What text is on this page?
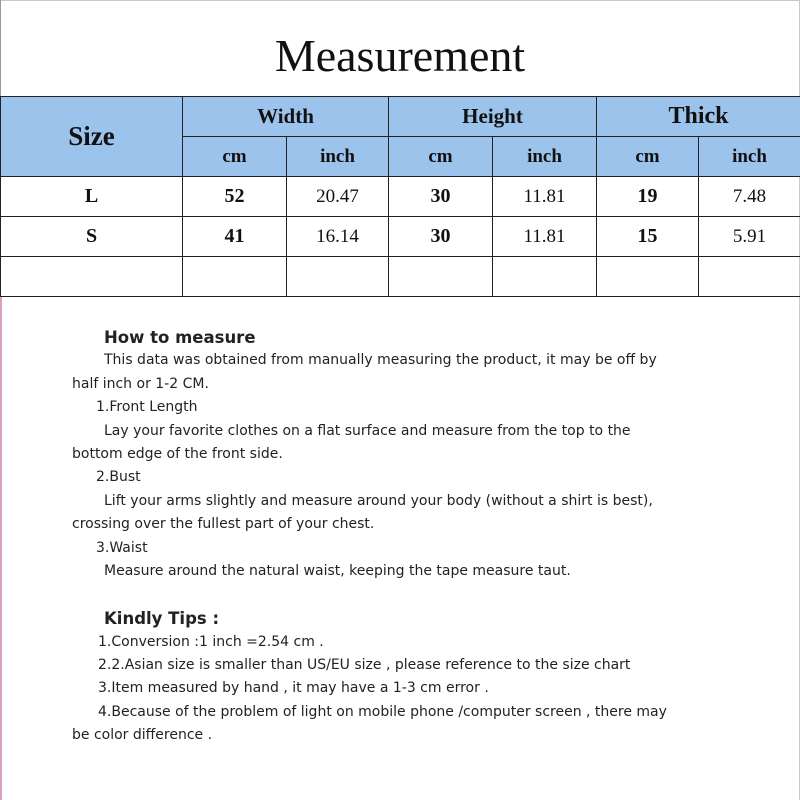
Measurement
Size	Width		Height		Thick	
	cm	inch	cm	inch	cm	inch
L	52	20.47	30	11.81	19	7.48
S	41	16.14	30	11.81	15	5.91

How to measure
This data was obtained from manually measuring the product, it may be off by
half inch or 1-2 CM.
1.Front Length
Lay your favorite clothes on a flat surface and measure from the top to the
bottom edge of the front side.
2.Bust
Lift your arms slightly and measure around your body (without a shirt is best),
crossing over the fullest part of your chest.
3.Waist
Measure around the natural waist, keeping the tape measure taut.
Kindly Tips :
1.Conversion :1 inch =2.54 cm .
2.2.Asian size is smaller than US/EU size , please reference to the size chart
3.Item measured by hand , it may have a 1-3 cm error .
4.Because of the problem of light on mobile phone /computer screen , there may
be color difference .
